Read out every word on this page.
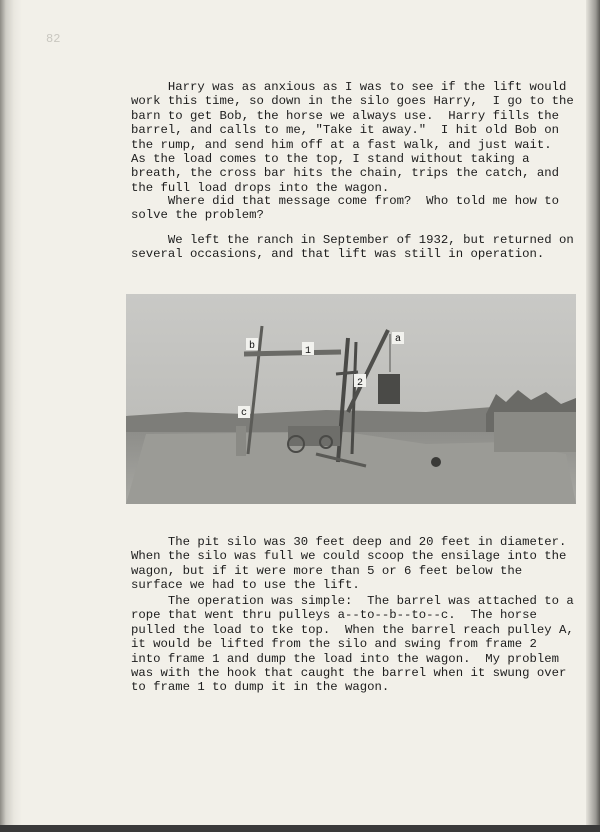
82

Harry was as anxious as I was to see if the lift would
work this time, so down in the silo goes Harry,  I go to the
barn to get Bob, the horse we always use.  Harry fills the
barrel, and calls to me, "Take it away."  I hit old Bob on
the rump, and send him off at a fast walk, and just wait.
As the load comes to the top, I stand without taking a
breath, the cross bar hits the chain, trips the catch, and
the full load drops into the wagon.

Where did that message come from?  Who told me how to
solve the problem?

We left the ranch in September of 1932, but returned on
several occasions, and that lift was still in operation.

b	1
a
2
c

The pit silo was 30 feet deep and 20 feet in diameter.
When the silo was full we could scoop the ensilage into the
wagon, but if it were more than 5 or 6 feet below the
surface we had to use the lift.

The operation was simple:  The barrel was attached to a
rope that went thru pulleys a--to--b--to--c.  The horse
pulled the load to tke top.  When the barrel reach pulley A,
it would be lifted from the silo and swing from frame 2
into frame 1 and dump the load into the wagon.  My problem
was with the hook that caught the barrel when it swung over
to frame 1 to dump it in the wagon.
